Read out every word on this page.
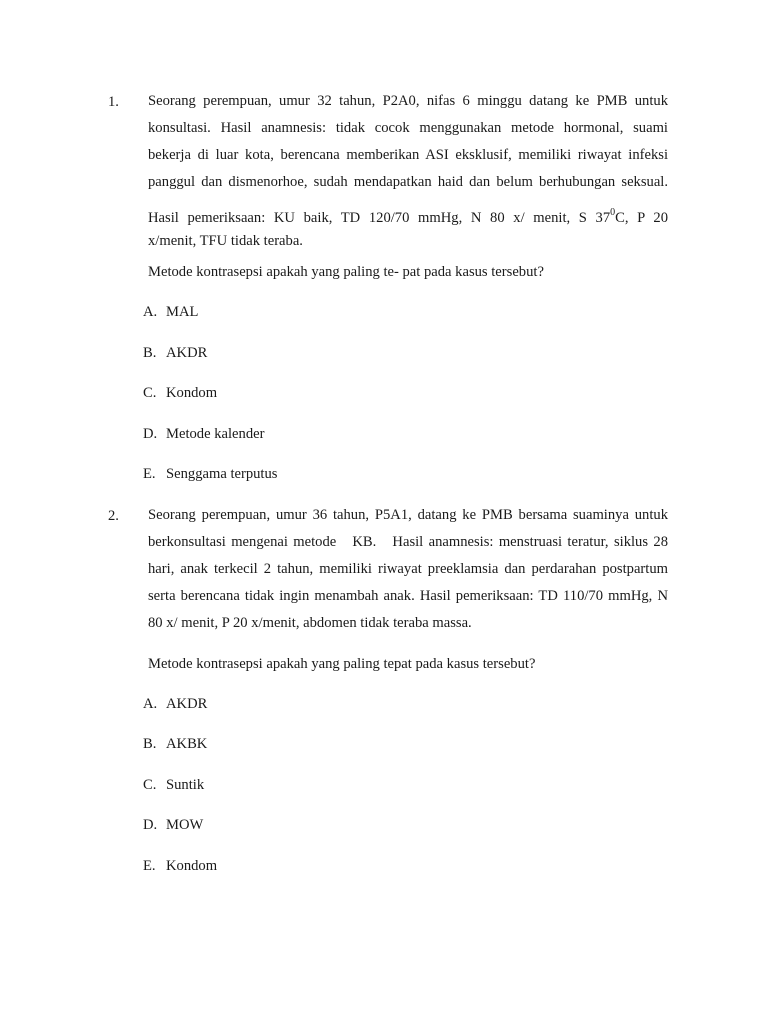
1. Seorang perempuan, umur 32 tahun, P2A0, nifas 6 minggu datang ke PMB untuk
konsultasi. Hasil anamnesis: tidak cocok menggunakan metode hormonal, suami
bekerja di luar kota, berencana memberikan ASI eksklusif, memiliki riwayat infeksi
panggul dan dismenorhoe, sudah mendapatkan haid dan belum berhubungan seksual.
Hasil pemeriksaan: KU baik, TD 120/70 mmHg, N 80 x/ menit, S $37^0C$, P 20
x/menit, TFU tidak teraba.
Metode kontrasepsi apakah yang paling te- pat pada kasus tersebut?
A. MAL
B. AKDR
C. Kondom
D. Metode kalender
E. Senggama terputus
2. Seorang perempuan, umur 36 tahun, P5A1, datang ke PMB bersama suaminya untuk
berkonsultasi mengenai metode   KB.   Hasil anamnesis: menstruasi teratur, siklus 28
hari, anak terkecil 2 tahun, memiliki riwayat preeklamsia dan perdarahan postpartum
serta berencana tidak ingin menambah anak. Hasil pemeriksaan: TD 110/70 mmHg, N
80 x/ menit, P 20 x/menit, abdomen tidak teraba massa.
Metode kontrasepsi apakah yang paling tepat pada kasus tersebut?
A. AKDR
B. AKBK
C. Suntik
D. MOW
E. Kondom
